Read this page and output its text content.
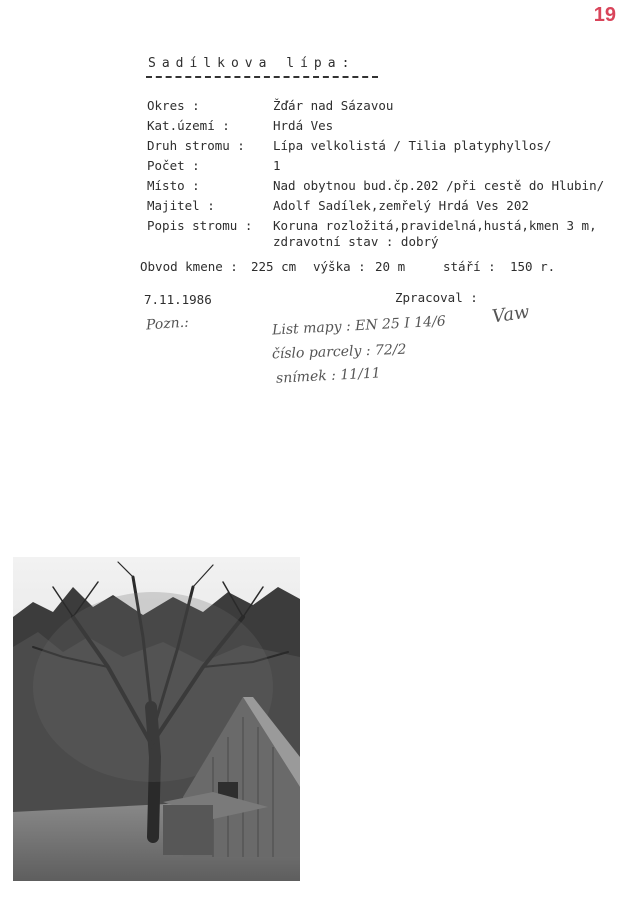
19
Sadílkova lípa:
Okres :	Žďár nad Sázavou
Kat.území :	Hrdá Ves
Druh stromu : Lípa velkolistá / Tilia platyphyllos/
Počet :	1
Místo :	Nad obytnou bud.čp.202 /při cestě do Hlubin/
Majitel :	Adolf Sadílek,zemřelý Hrdá Ves 202
Popis stromu : Koruna rozložitá,pravidelná,hustá,kmen 3 m,
zdravotní stav : dobrý
Obvod kmene : 225 cm výška : 20 m	stáří : 150 r.
7.11.1986	Zpracoval :
Vaw
Pozn.:	List mapy : EN 25 I 14/6
číslo parcely : 72/2
snímek : 11/11
